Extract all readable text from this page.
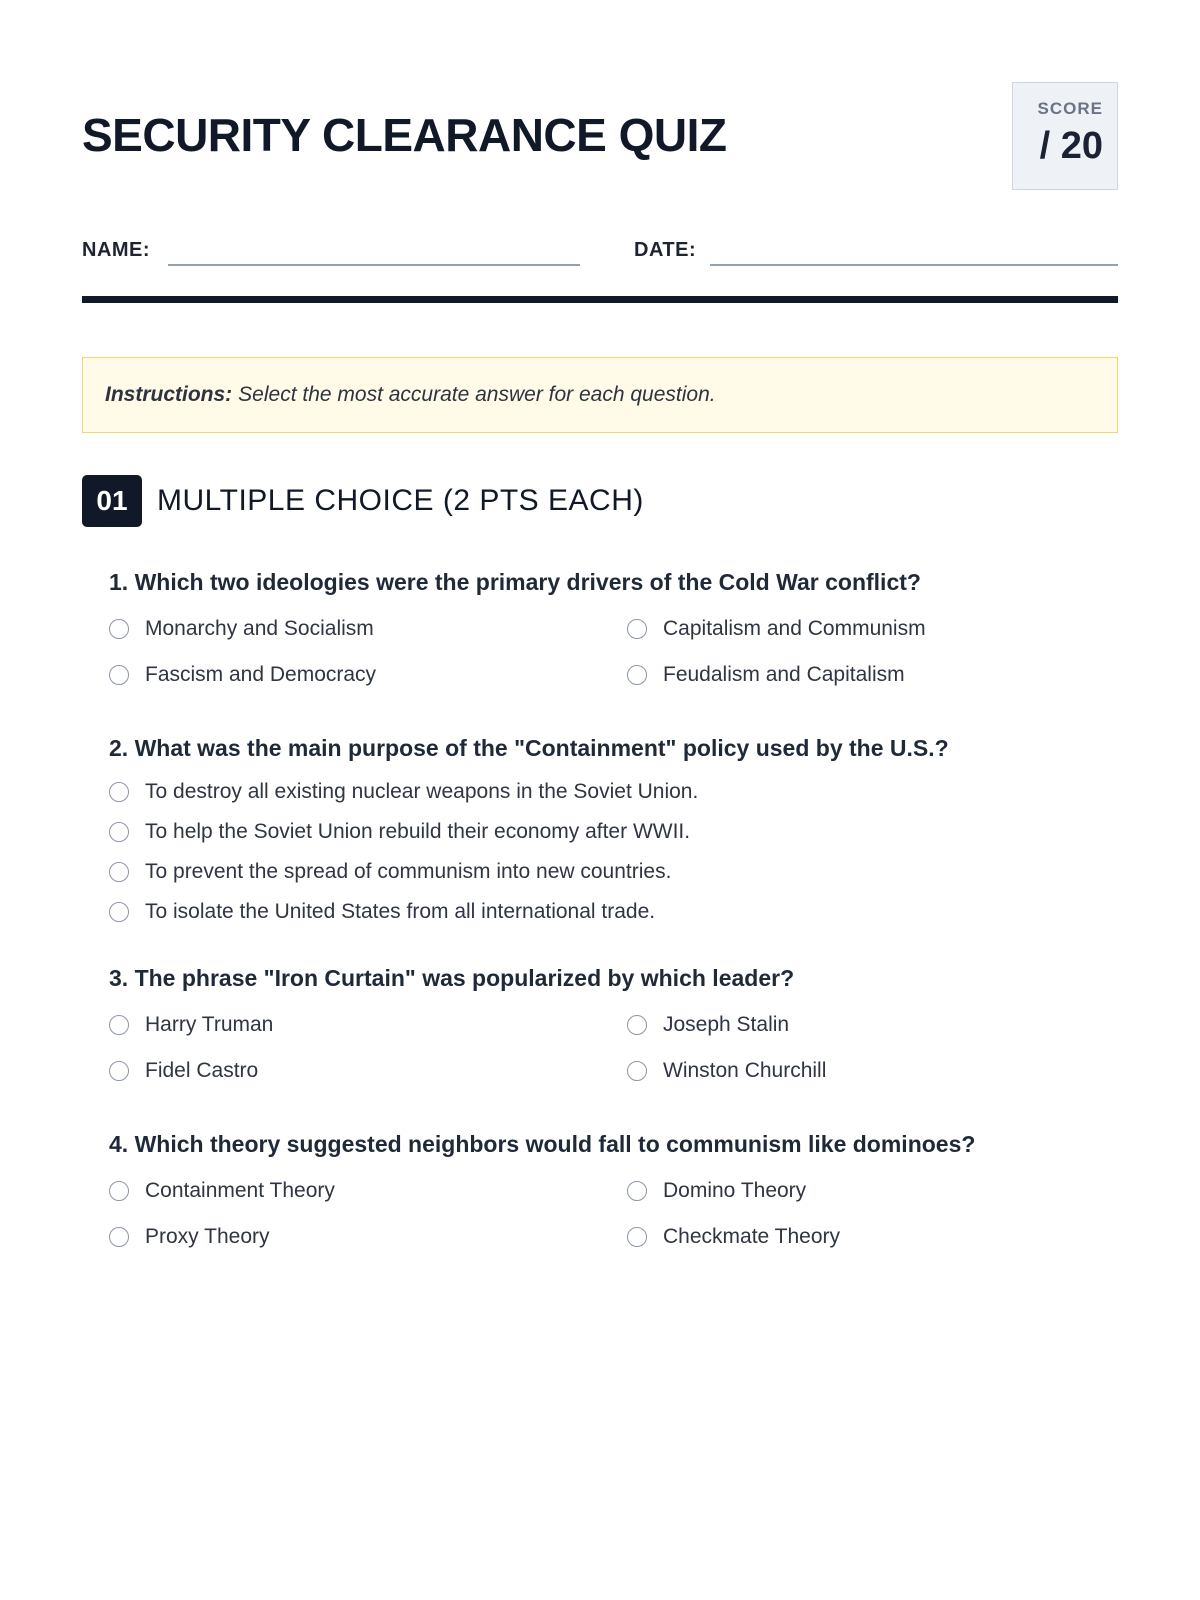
SECURITY CLEARANCE QUIZ
SCORE
/ 20
NAME:	DATE:
Instructions: Select the most accurate answer for each question.
01 MULTIPLE CHOICE (2 PTS EACH)
1. Which two ideologies were the primary drivers of the Cold War conflict?
Monarchy and Socialism	Capitalism and Communism
Fascism and Democracy	Feudalism and Capitalism
2. What was the main purpose of the "Containment" policy used by the U.S.?
To destroy all existing nuclear weapons in the Soviet Union.
To help the Soviet Union rebuild their economy after WWII.
To prevent the spread of communism into new countries.
To isolate the United States from all international trade.
3. The phrase "Iron Curtain" was popularized by which leader?
Harry Truman	Joseph Stalin
Fidel Castro	Winston Churchill
4. Which theory suggested neighbors would fall to communism like dominoes?
Containment Theory	Domino Theory
Proxy Theory	Checkmate Theory
